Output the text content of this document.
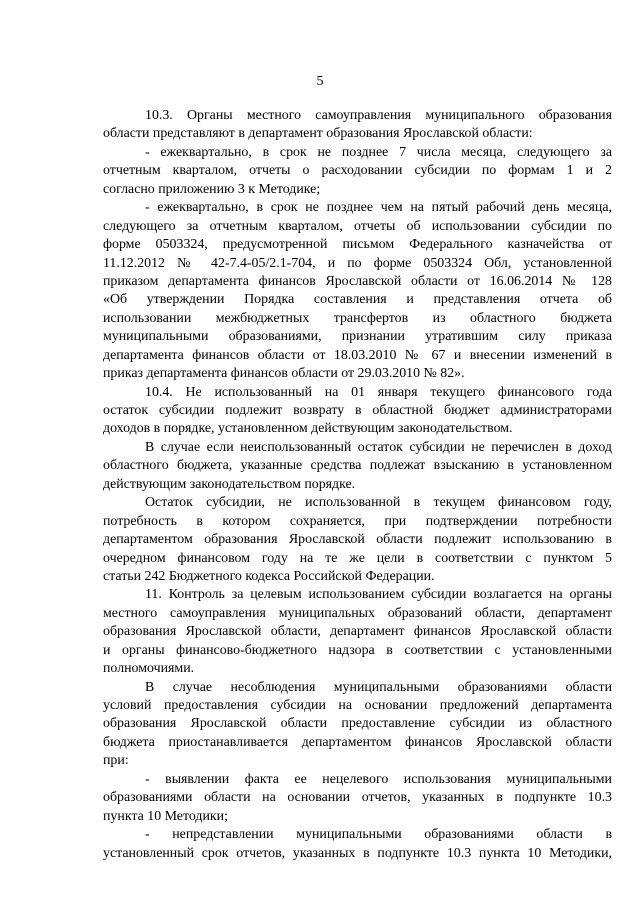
5
10.3. Органы местного самоуправления муниципального образования
области представляют в департамент образования Ярославской области:
- ежеквартально, в срок не позднее 7 числа месяца, следующего за
отчетным кварталом, отчеты о расходовании субсидии по формам 1 и 2
согласно приложению 3 к Методике;
- ежеквартально, в срок не позднее чем на пятый рабочий день месяца,
следующего за отчетным кварталом, отчеты об использовании субсидии по
форме 0503324, предусмотренной письмом Федерального казначейства от
11.12.2012 № 42-7.4-05/2.1-704, и по форме 0503324 Обл, установленной
приказом департамента финансов Ярославской области от 16.06.2014 № 128
«Об утверждении Порядка составления и представления отчета об
использовании межбюджетных трансфертов из областного бюджета
муниципальными образованиями, признании утратившим силу приказа
департамента финансов области от 18.03.2010 № 67 и внесении изменений в
приказ департамента финансов области от 29.03.2010 № 82».
10.4. Не использованный на 01 января текущего финансового года
остаток субсидии подлежит возврату в областной бюджет администраторами
доходов в порядке, установленном действующим законодательством.
В случае если неиспользованный остаток субсидии не перечислен в доход
областного бюджета, указанные средства подлежат взысканию в установленном
действующим законодательством порядке.
Остаток субсидии, не использованной в текущем финансовом году,
потребность в котором сохраняется, при подтверждении потребности
департаментом образования Ярославской области подлежит использованию в
очередном финансовом году на те же цели в соответствии с пунктом 5
статьи 242 Бюджетного кодекса Российской Федерации.
11. Контроль за целевым использованием субсидии возлагается на органы
местного самоуправления муниципальных образований области, департамент
образования Ярославской области, департамент финансов Ярославской области
и органы финансово-бюджетного надзора в соответствии с установленными
полномочиями.
В случае несоблюдения муниципальными образованиями области
условий предоставления субсидии на основании предложений департамента
образования Ярославской области предоставление субсидии из областного
бюджета приостанавливается департаментом финансов Ярославской области
при:
- выявлении факта ее нецелевого использования муниципальными
образованиями области на основании отчетов, указанных в подпункте 10.3
пункта 10 Методики;
- непредставлении муниципальными образованиями области в
установленный срок отчетов, указанных в подпункте 10.3 пункта 10 Методики,
